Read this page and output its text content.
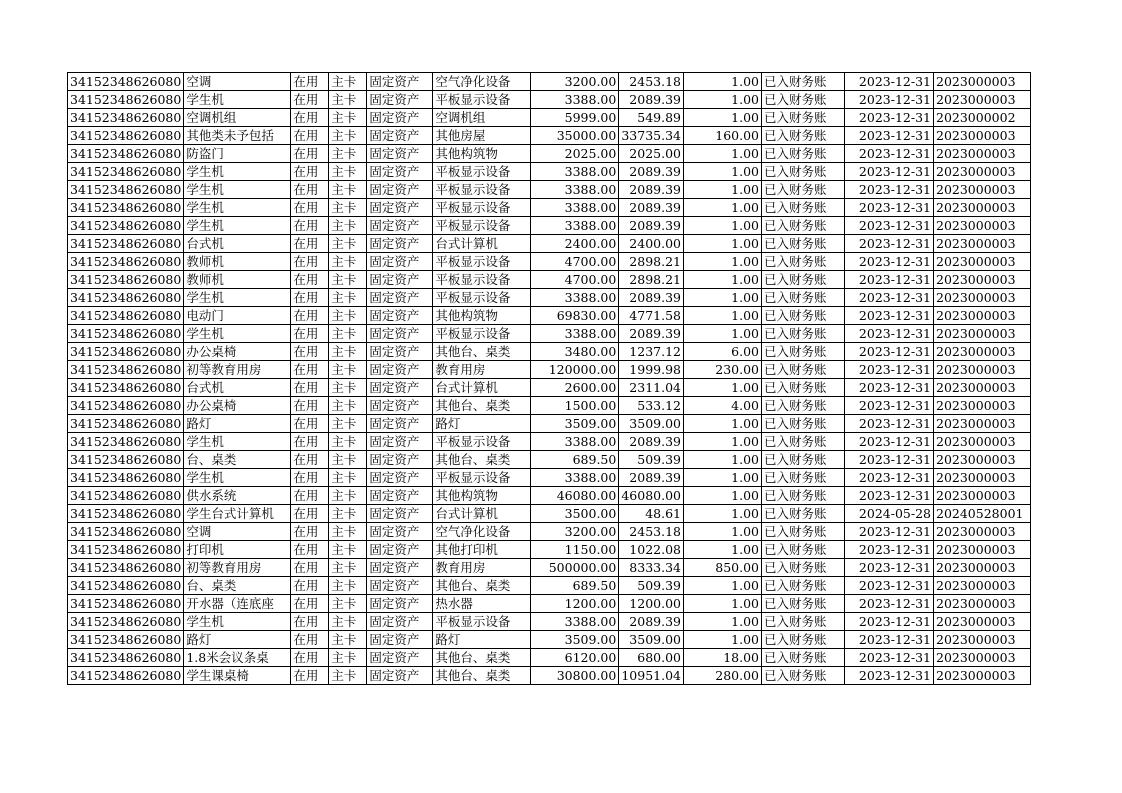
34152348626080	空调	在用	主卡	固定资产	空气净化设备	3200.00	2453.18	1.00	已入财务账	2023-12-31	2023000003
34152348626080	学生机	在用	主卡	固定资产	平板显示设备	3388.00	2089.39	1.00	已入财务账	2023-12-31	2023000003
34152348626080	空调机组	在用	主卡	固定资产	空调机组	5999.00	549.89	1.00	已入财务账	2023-12-31	2023000002
34152348626080	其他类未予包括	在用	主卡	固定资产	其他房屋	35000.00	33735.34	160.00	已入财务账	2023-12-31	2023000003
34152348626080	防盗门	在用	主卡	固定资产	其他构筑物	2025.00	2025.00	1.00	已入财务账	2023-12-31	2023000003
34152348626080	学生机	在用	主卡	固定资产	平板显示设备	3388.00	2089.39	1.00	已入财务账	2023-12-31	2023000003
34152348626080	学生机	在用	主卡	固定资产	平板显示设备	3388.00	2089.39	1.00	已入财务账	2023-12-31	2023000003
34152348626080	学生机	在用	主卡	固定资产	平板显示设备	3388.00	2089.39	1.00	已入财务账	2023-12-31	2023000003
34152348626080	学生机	在用	主卡	固定资产	平板显示设备	3388.00	2089.39	1.00	已入财务账	2023-12-31	2023000003
34152348626080	台式机	在用	主卡	固定资产	台式计算机	2400.00	2400.00	1.00	已入财务账	2023-12-31	2023000003
34152348626080	教师机	在用	主卡	固定资产	平板显示设备	4700.00	2898.21	1.00	已入财务账	2023-12-31	2023000003
34152348626080	教师机	在用	主卡	固定资产	平板显示设备	4700.00	2898.21	1.00	已入财务账	2023-12-31	2023000003
34152348626080	学生机	在用	主卡	固定资产	平板显示设备	3388.00	2089.39	1.00	已入财务账	2023-12-31	2023000003
34152348626080	电动门	在用	主卡	固定资产	其他构筑物	69830.00	4771.58	1.00	已入财务账	2023-12-31	2023000003
34152348626080	学生机	在用	主卡	固定资产	平板显示设备	3388.00	2089.39	1.00	已入财务账	2023-12-31	2023000003
34152348626080	办公桌椅	在用	主卡	固定资产	其他台、桌类	3480.00	1237.12	6.00	已入财务账	2023-12-31	2023000003
34152348626080	初等教育用房	在用	主卡	固定资产	教育用房	120000.00	1999.98	230.00	已入财务账	2023-12-31	2023000003
34152348626080	台式机	在用	主卡	固定资产	台式计算机	2600.00	2311.04	1.00	已入财务账	2023-12-31	2023000003
34152348626080	办公桌椅	在用	主卡	固定资产	其他台、桌类	1500.00	533.12	4.00	已入财务账	2023-12-31	2023000003
34152348626080	路灯	在用	主卡	固定资产	路灯	3509.00	3509.00	1.00	已入财务账	2023-12-31	2023000003
34152348626080	学生机	在用	主卡	固定资产	平板显示设备	3388.00	2089.39	1.00	已入财务账	2023-12-31	2023000003
34152348626080	台、桌类	在用	主卡	固定资产	其他台、桌类	689.50	509.39	1.00	已入财务账	2023-12-31	2023000003
34152348626080	学生机	在用	主卡	固定资产	平板显示设备	3388.00	2089.39	1.00	已入财务账	2023-12-31	2023000003
34152348626080	供水系统	在用	主卡	固定资产	其他构筑物	46080.00	46080.00	1.00	已入财务账	2023-12-31	2023000003
34152348626080	学生台式计算机	在用	主卡	固定资产	台式计算机	3500.00	48.61	1.00	已入财务账	2024-05-28	20240528001
34152348626080	空调	在用	主卡	固定资产	空气净化设备	3200.00	2453.18	1.00	已入财务账	2023-12-31	2023000003
34152348626080	打印机	在用	主卡	固定资产	其他打印机	1150.00	1022.08	1.00	已入财务账	2023-12-31	2023000003
34152348626080	初等教育用房	在用	主卡	固定资产	教育用房	500000.00	8333.34	850.00	已入财务账	2023-12-31	2023000003
34152348626080	台、桌类	在用	主卡	固定资产	其他台、桌类	689.50	509.39	1.00	已入财务账	2023-12-31	2023000003
34152348626080	开水器（连底座	在用	主卡	固定资产	热水器	1200.00	1200.00	1.00	已入财务账	2023-12-31	2023000003
34152348626080	学生机	在用	主卡	固定资产	平板显示设备	3388.00	2089.39	1.00	已入财务账	2023-12-31	2023000003
34152348626080	路灯	在用	主卡	固定资产	路灯	3509.00	3509.00	1.00	已入财务账	2023-12-31	2023000003
34152348626080	1.8米会议条桌	在用	主卡	固定资产	其他台、桌类	6120.00	680.00	18.00	已入财务账	2023-12-31	2023000003
34152348626080	学生课桌椅	在用	主卡	固定资产	其他台、桌类	30800.00	10951.04	280.00	已入财务账	2023-12-31	2023000003
